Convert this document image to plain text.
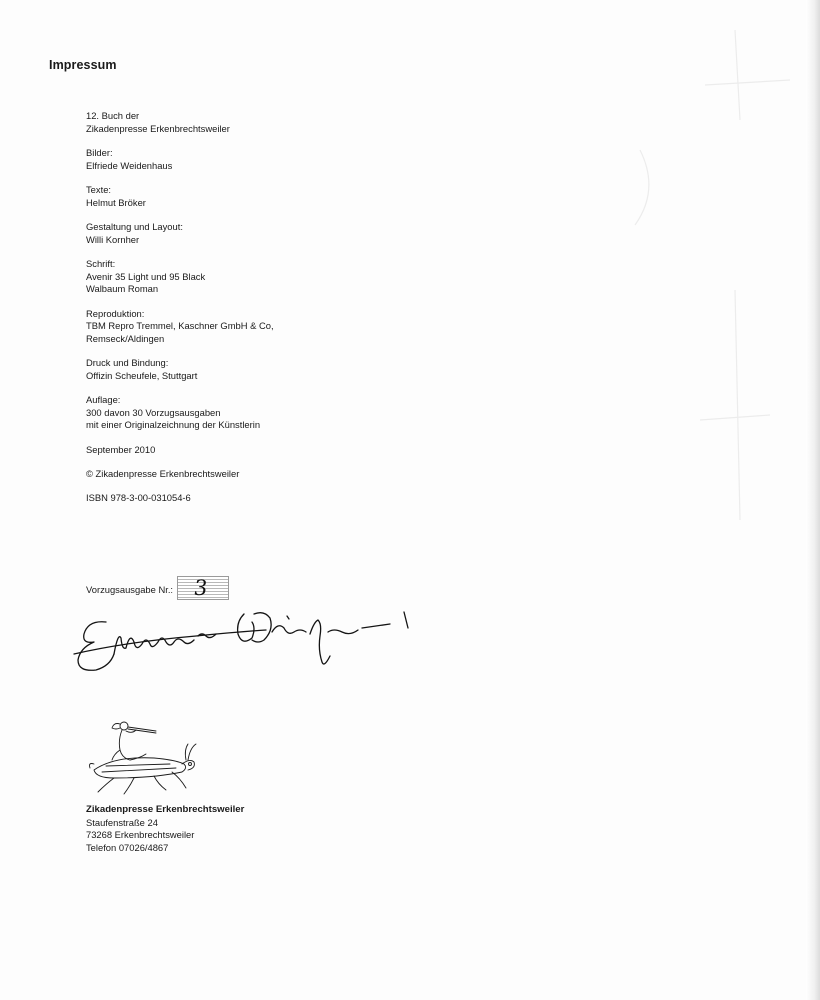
Impressum
12. Buch der
Zikadenpresse Erkenbrechtsweiler
Bilder:
Elfriede Weidenhaus
Texte:
Helmut Bröker
Gestaltung und Layout:
Willi Kornher
Schrift:
Avenir 35 Light und 95 Black
Walbaum Roman
Reproduktion:
TBM Repro Tremmel, Kaschner GmbH & Co,
Remseck/Aldingen
Druck und Bindung:
Offizin Scheufele, Stuttgart
Auflage:
300 davon 30 Vorzugsausgaben
mit einer Originalzeichnung der Künstlerin
September 2010
© Zikadenpresse Erkenbrechtsweiler
ISBN 978-3-00-031054-6
Vorzugsausgabe Nr.: 3
Zikadenpresse Erkenbrechtsweiler
Staufenstraße 24
73268 Erkenbrechtsweiler
Telefon 07026/4867
